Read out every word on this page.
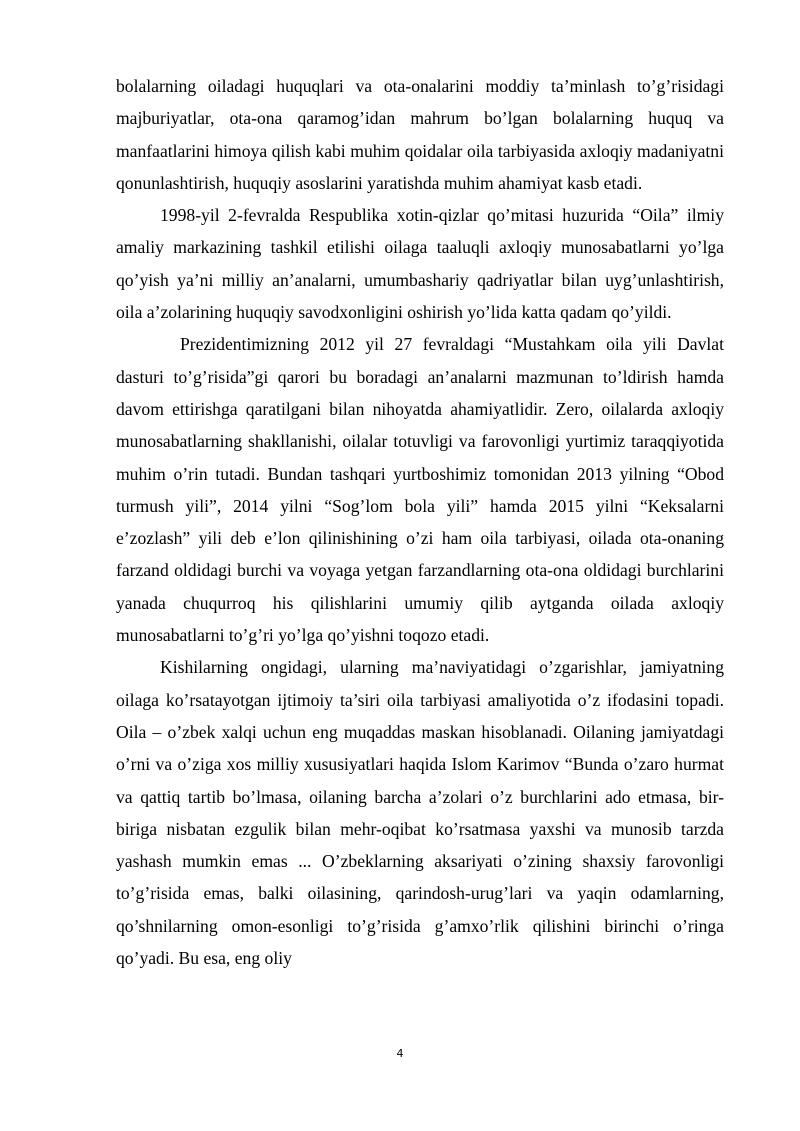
bolalarning oiladagi huquqlari va ota-onalarini moddiy ta’minlash to’g’risidagi majburiyatlar, ota-ona qaramog’idan mahrum bo’lgan bolalarning huquq va manfaatlarini himoya qilish kabi muhim qoidalar oila tarbiyasida axloqiy madaniyatni qonunlashtirish, huquqiy asoslarini yaratishda muhim ahamiyat kasb etadi.

1998-yil 2-fevralda Respublika xotin-qizlar qo’mitasi huzurida “Oila” ilmiy amaliy markazining tashkil etilishi oilaga taaluqli axloqiy munosabatlarni yo’lga qo’yish ya’ni milliy an’analarni, umumbashariy qadriyatlar bilan uyg’unlashtirish, oila a’zolarining huquqiy savodxonligini oshirish yo’lida katta qadam qo’yildi.

Prezidentimizning 2012 yil 27 fevraldagi “Mustahkam oila yili Davlat dasturi to’g’risida”gi qarori bu boradagi an’analarni mazmunan to’ldirish hamda davom ettirishga qaratilgani bilan nihoyatda ahamiyatlidir. Zero, oilalarda axloqiy munosabatlarning shakllanishi, oilalar totuvligi va farovonligi yurtimiz taraqqiyotida muhim o’rin tutadi. Bundan tashqari yurtboshimiz tomonidan 2013 yilning “Obod turmush yili”, 2014 yilni “Sog’lom bola yili” hamda 2015 yilni “Keksalarni e’zozlash” yili deb e’lon qilinishining o’zi ham oila tarbiyasi, oilada ota-onaning farzand oldidagi burchi va voyaga yetgan farzandlarning ota-ona oldidagi burchlarini yanada chuqurroq his qilishlarini umumiy qilib aytganda oilada axloqiy munosabatlarni to’g’ri yo’lga qo’yishni toqozo etadi.

Kishilarning ongidagi, ularning ma’naviyatidagi o’zgarishlar, jamiyatning oilaga ko’rsatayotgan ijtimoiy ta’siri oila tarbiyasi amaliyotida o’z ifodasini topadi. Oila – o’zbek xalqi uchun eng muqaddas maskan hisoblanadi. Oilaning jamiyatdagi o’rni va o’ziga xos milliy xususiyatlari haqida Islom Karimov “Bunda o’zaro hurmat va qattiq tartib bo’lmasa, oilaning barcha a’zolari o’z burchlarini ado etmasa, bir-biriga nisbatan ezgulik bilan mehr-oqibat ko’rsatmasa yaxshi va munosib tarzda yashash mumkin emas ... O’zbeklarning aksariyati o’zining shaxsiy farovonligi to’g’risida emas, balki oilasining, qarindosh-urug’lari va yaqin odamlarning, qo’shnilarning omon-esonligi to’g’risida g’amxo’rlik qilishini birinchi o’ringa qo’yadi. Bu esa, eng oliy

4
